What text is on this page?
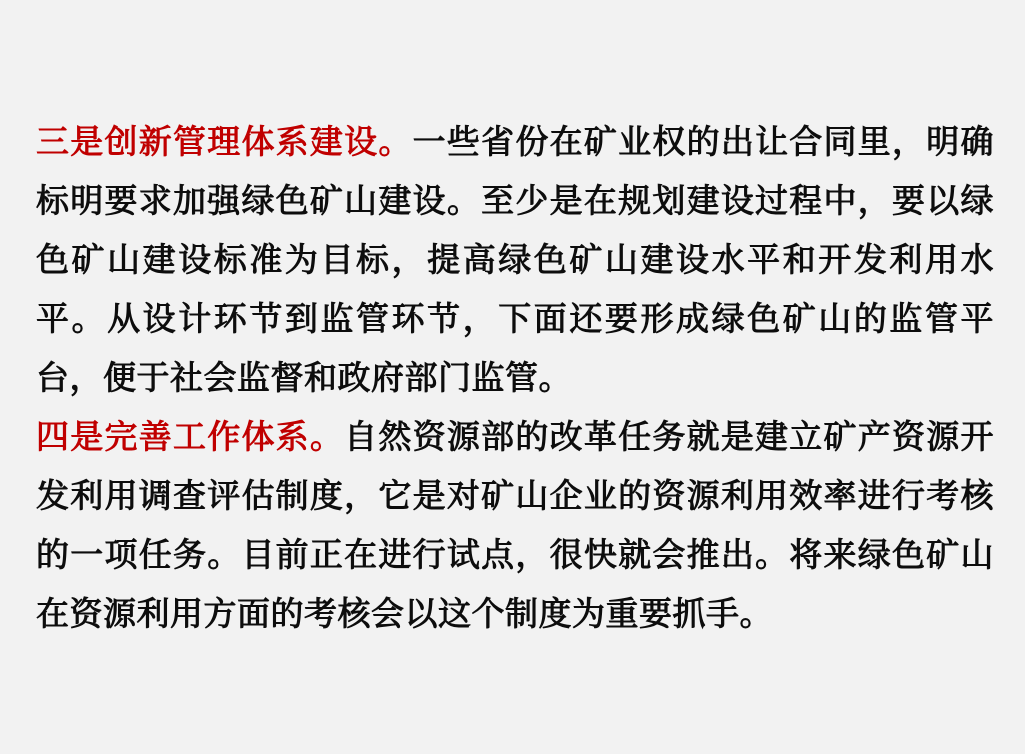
三是创新管理体系建设。一些省份在矿业权的出让合同里，明确标明要求加强绿色矿山建设。至少是在规划建设过程中，要以绿色矿山建设标准为目标，提高绿色矿山建设水平和开发利用水平。从设计环节到监管环节，下面还要形成绿色矿山的监管平台，便于社会监督和政府部门监管。

四是完善工作体系。自然资源部的改革任务就是建立矿产资源开发利用调查评估制度，它是对矿山企业的资源利用效率进行考核的一项任务。目前正在进行试点，很快就会推出。将来绿色矿山在资源利用方面的考核会以这个制度为重要抓手。
